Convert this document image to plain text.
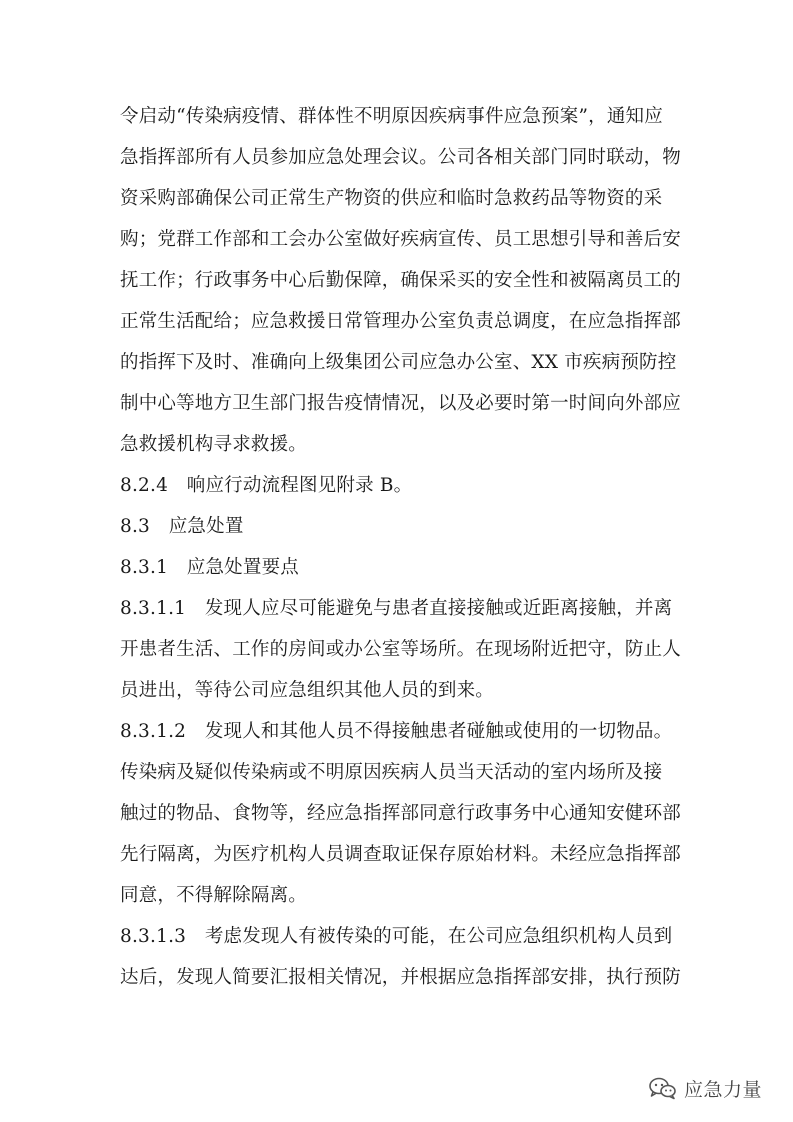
令启动“传染病疫情、群体性不明原因疾病事件应急预案”，通知应
急指挥部所有人员参加应急处理会议。公司各相关部门同时联动，物
资采购部确保公司正常生产物资的供应和临时急救药品等物资的采
购；党群工作部和工会办公室做好疾病宣传、员工思想引导和善后安
抚工作；行政事务中心后勤保障，确保采买的安全性和被隔离员工的
正常生活配给；应急救援日常管理办公室负责总调度，在应急指挥部
的指挥下及时、准确向上级集团公司应急办公室、XX 市疾病预防控
制中心等地方卫生部门报告疫情情况，以及必要时第一时间向外部应
急救援机构寻求救援。
8.2.4　响应行动流程图见附录 B。
8.3　应急处置
8.3.1　应急处置要点
8.3.1.1　发现人应尽可能避免与患者直接接触或近距离接触，并离
开患者生活、工作的房间或办公室等场所。在现场附近把守，防止人
员进出，等待公司应急组织其他人员的到来。
8.3.1.2　发现人和其他人员不得接触患者碰触或使用的一切物品。
传染病及疑似传染病或不明原因疾病人员当天活动的室内场所及接
触过的物品、食物等，经应急指挥部同意行政事务中心通知安健环部
先行隔离，为医疗机构人员调查取证保存原始材料。未经应急指挥部
同意，不得解除隔离。
8.3.1.3　考虑发现人有被传染的可能，在公司应急组织机构人员到
达后，发现人简要汇报相关情况，并根据应急指挥部安排，执行预防
应急力量
